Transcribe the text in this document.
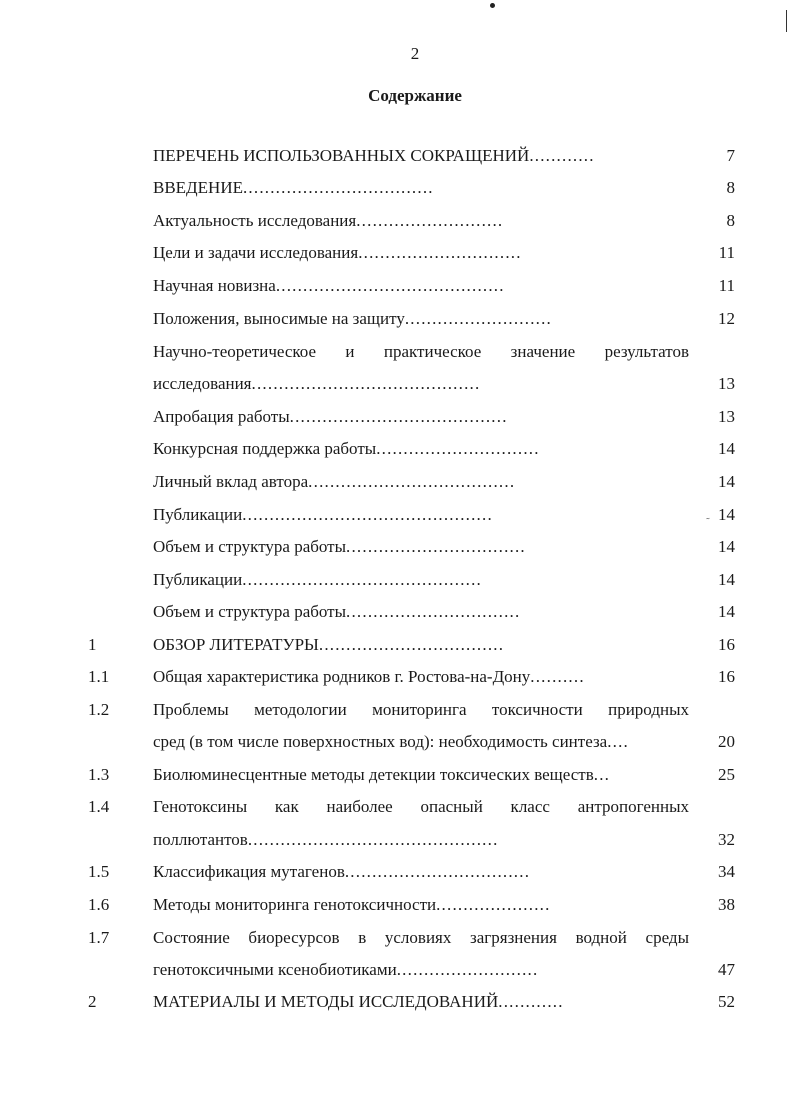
2
Содержание
ПЕРЕЧЕНЬ ИСПОЛЬЗОВАННЫХ СОКРАЩЕНИЙ............	7
ВВЕДЕНИЕ...................................	8
Актуальность исследования...........................	8
Цели и задачи исследования..............................	11
Научная новизна..........................................	11
Положения, выносимые на защиту...........................	12
Научно-теоретическое и практическое значение результатов
исследования..........................................	13
Апробация работы........................................	13
Конкурсная поддержка работы..............................	14
Личный вклад автора......................................	14
Публикации..............................................	˜ 14
Объем и структура работы.................................	14
Публикации............................................	14
Объем и структура работы................................	14
1	ОБЗОР ЛИТЕРАТУРЫ..................................	16
1.1	Общая характеристика родников г. Ростова-на-Дону..........	16
1.2	Проблемы методологии мониторинга токсичности природных
сред (в том числе поверхностных вод): необходимость синтеза....	20
1.3	Биолюминесцентные методы детекции токсических веществ...	25
1.4	Генотоксины как наиболее опасный класс антропогенных
поллютантов..............................................	32
1.5	Классификация мутагенов..................................	34
1.6	Методы мониторинга генотоксичности.....................	38
1.7	Состояние биоресурсов в условиях загрязнения водной среды
генотоксичными ксенобиотиками..........................	47
2	МАТЕРИАЛЫ И МЕТОДЫ ИССЛЕДОВАНИЙ............	52
